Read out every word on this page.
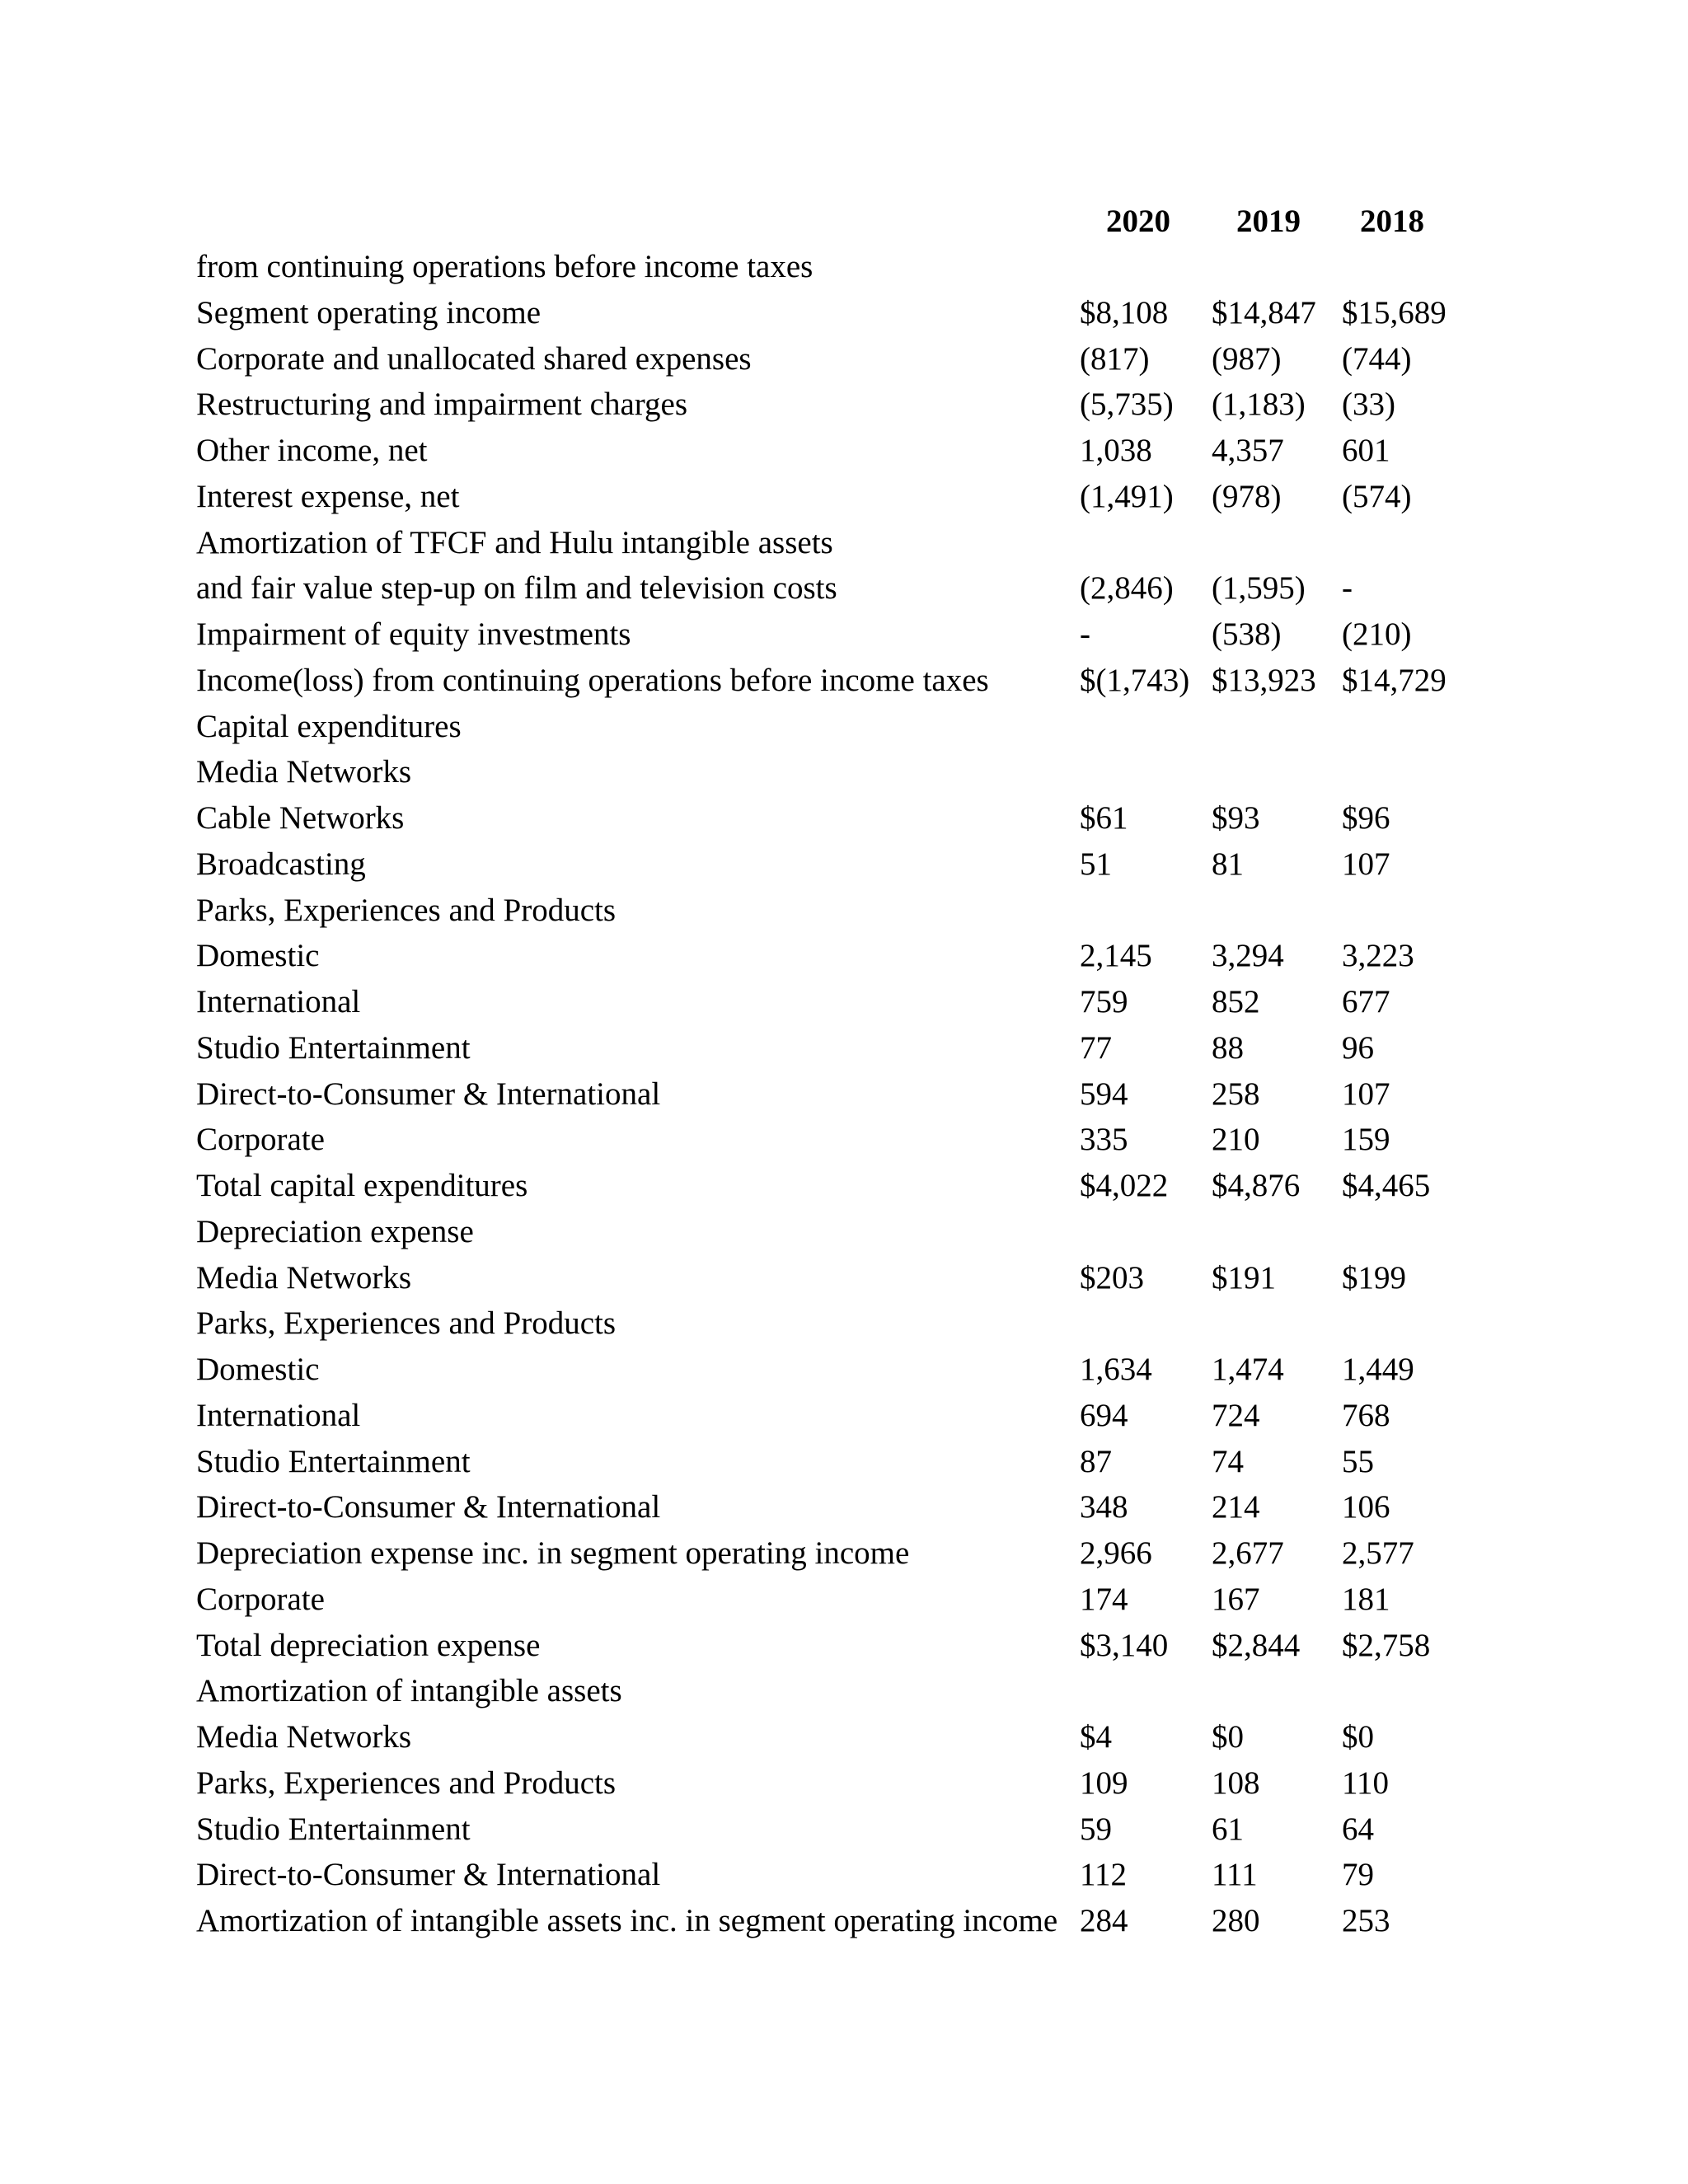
2020 2019 2018
from continuing operations before income taxes
Segment operating income	$8,108 $14,847 $15,689
Corporate and unallocated shared expenses	(817) (987) (744)
Restructuring and impairment charges	(5,735) (1,183) (33)
Other income, net	1,038 4,357 601
Interest expense, net	(1,491) (978) (574)
Amortization of TFCF and Hulu intangible assets
and fair value step-up on film and television costs	(2,846) (1,595) -
Impairment of equity investments	-	(538) (210)
Income(loss) from continuing operations before income taxes	$(1,743) $13,923 $14,729
Capital expenditures
Media Networks
Cable Networks	$61	$93	$96
Broadcasting	51	81	107
Parks, Experiences and Products
Domestic	2,145 3,294 3,223
International	759	852	677
Studio Entertainment	77	88	96
Direct-to-Consumer & International	594	258	107
Corporate	335	210	159
Total capital expenditures	$4,022 $4,876 $4,465
Depreciation expense
Media Networks	$203 $191 $199
Parks, Experiences and Products
Domestic	1,634 1,474 1,449
International	694	724	768
Studio Entertainment	87	74	55
Direct-to-Consumer & International	348	214	106
Depreciation expense inc. in segment operating income	2,966 2,677 2,577
Corporate	174	167	181
Total depreciation expense	$3,140 $2,844 $2,758
Amortization of intangible assets
Media Networks	$4	$0	$0
Parks, Experiences and Products	109	108	110
Studio Entertainment	59	61	64
Direct-to-Consumer & International	112	111	79
Amortization of intangible assets inc. in segment operating income 284	280	253
